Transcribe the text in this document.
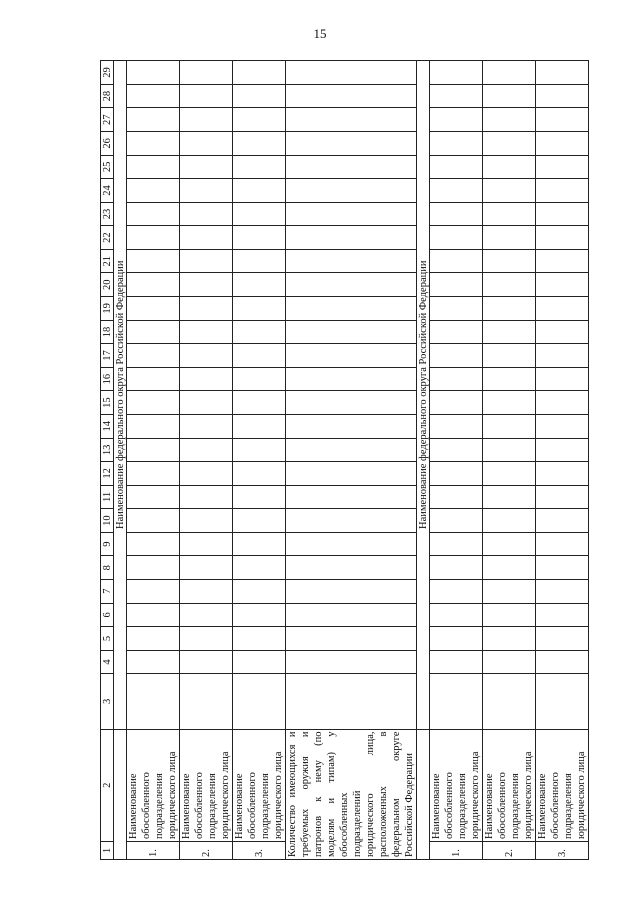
15
1	2	3	4	5	6	7	8	9	10	11	12	13	14	15	16	17	18	19	20	21	22	23	24	25	26	27	28	29
		Наименование федерального округа Российской Федерации																										
1.	Наименование обособленного подразделения юридического лица																											
2.	Наименование обособленного подразделения юридического лица																											
3.	Наименование обособленного подразделения юридического лица																											
Количество имеющихся и требуемых оружия и патронов к нему (по моделям и типам) у обособленных подразделений юридического лица, расположенных в федеральном округе Российской Федерации																												
		Наименование федерального округа Российской Федерации																										
1.	Наименование обособленного подразделения юридического лица																											
2.	Наименование обособленного подразделения юридического лица																											
3.	Наименование обособленного подразделения юридического лица																											
